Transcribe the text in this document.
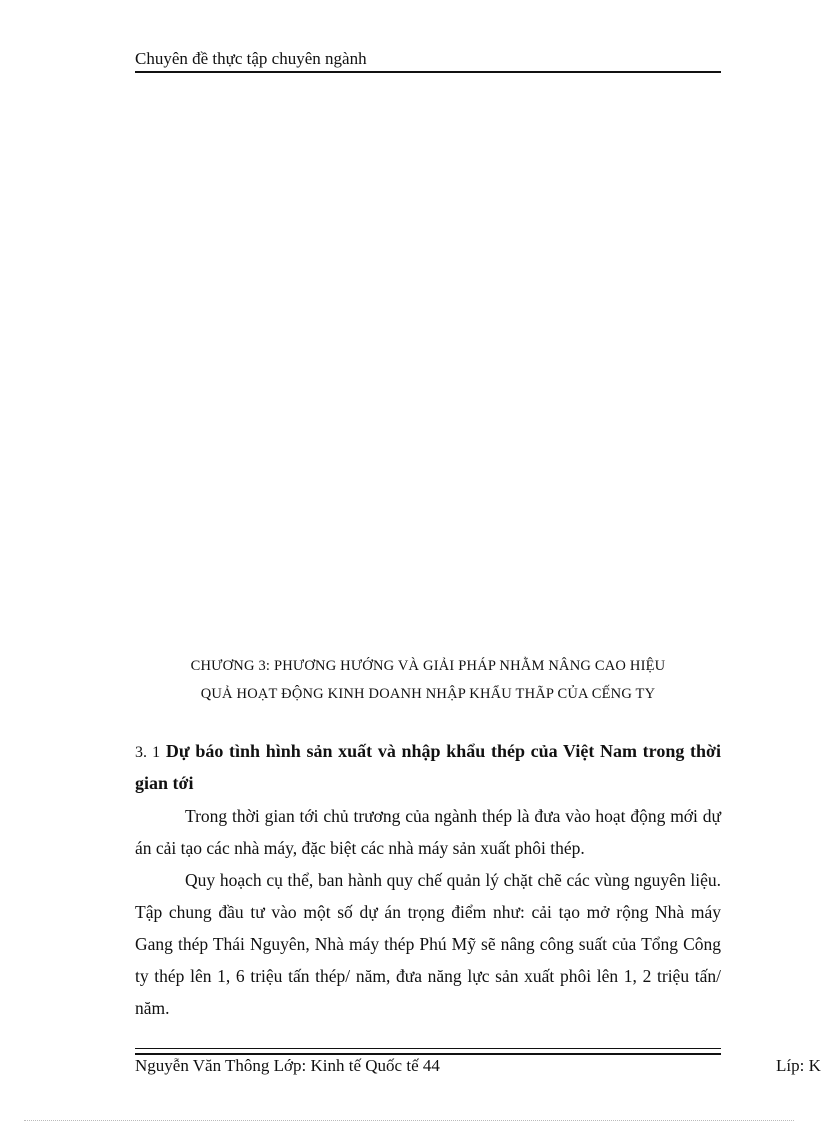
Chuyên đề thực tập chuyên ngành
CHƯƠNG 3: PHƯƠNG HƯỚNG VÀ GIẢI PHÁP NHẰM NÂNG CAO HIỆU
QUẢ HOẠT ĐỘNG KINH DOANH NHẬP KHẨU THÃP CỦA CẾNG TY
3. 1 Dự báo tình hình sản xuất và nhập khẩu thép của Việt Nam trong thời gian tới

Trong thời gian tới chủ trương của ngành thép là đưa vào hoạt động mới dự án cải tạo các nhà máy, đặc biệt các nhà máy sản xuất phôi thép.

Quy hoạch cụ thể, ban hành quy chế quản lý chặt chẽ các vùng nguyên liệu. Tập chung đầu tư vào một số dự án trọng điểm như: cải tạo mở rộng Nhà máy Gang thép Thái Nguyên, Nhà máy thép Phú Mỹ sẽ nâng công suất của Tổng Công ty thép lên 1, 6 triệu tấn thép/ năm, đưa năng lực sản xuất phôi lên 1, 2 triệu tấn/ năm.

Nguyễn Văn Thông Lớp: Kinh tế Quốc tế 44	Líp: K
